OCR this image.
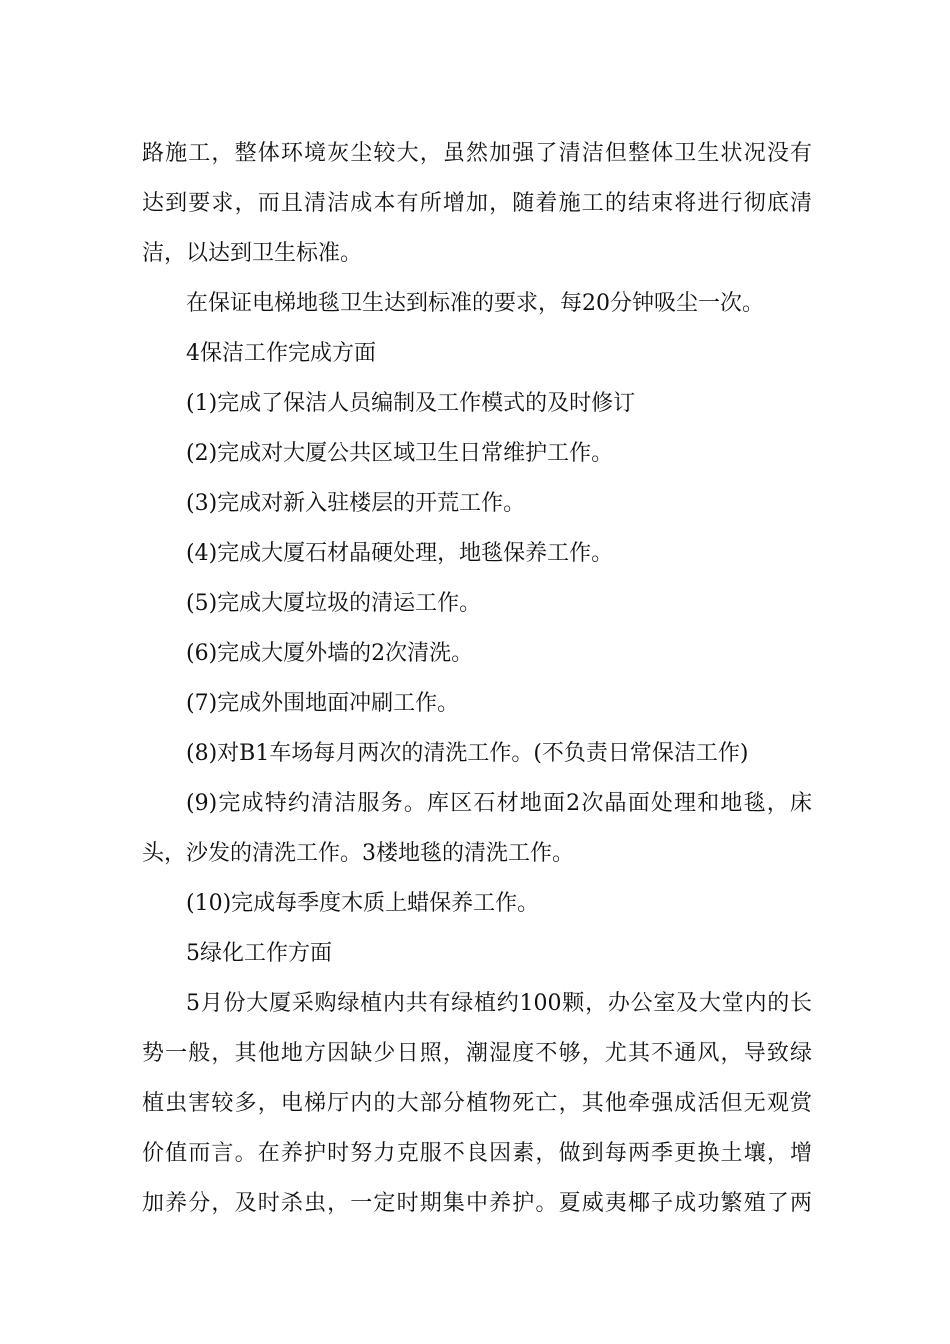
路施工，整体环境灰尘较大，虽然加强了清洁但整体卫生状况没有
达到要求，而且清洁成本有所增加，随着施工的结束将进行彻底清
洁，以达到卫生标准。
在保证电梯地毯卫生达到标准的要求，每20分钟吸尘一次。
4保洁工作完成方面
(1)完成了保洁人员编制及工作模式的及时修订
(2)完成对大厦公共区域卫生日常维护工作。
(3)完成对新入驻楼层的开荒工作。
(4)完成大厦石材晶硬处理，地毯保养工作。
(5)完成大厦垃圾的清运工作。
(6)完成大厦外墙的2次清洗。
(7)完成外围地面冲刷工作。
(8)对B1车场每月两次的清洗工作。(不负责日常保洁工作)
(9)完成特约清洁服务。库区石材地面2次晶面处理和地毯，床
头，沙发的清洗工作。3楼地毯的清洗工作。
(10)完成每季度木质上蜡保养工作。
5绿化工作方面
5月份大厦采购绿植内共有绿植约100颗，办公室及大堂内的长
势一般，其他地方因缺少日照，潮湿度不够，尤其不通风，导致绿
植虫害较多，电梯厅内的大部分植物死亡，其他牵强成活但无观赏
价值而言。在养护时努力克服不良因素，做到每两季更换土壤，增
加养分，及时杀虫，一定时期集中养护。夏威夷椰子成功繁殖了两
